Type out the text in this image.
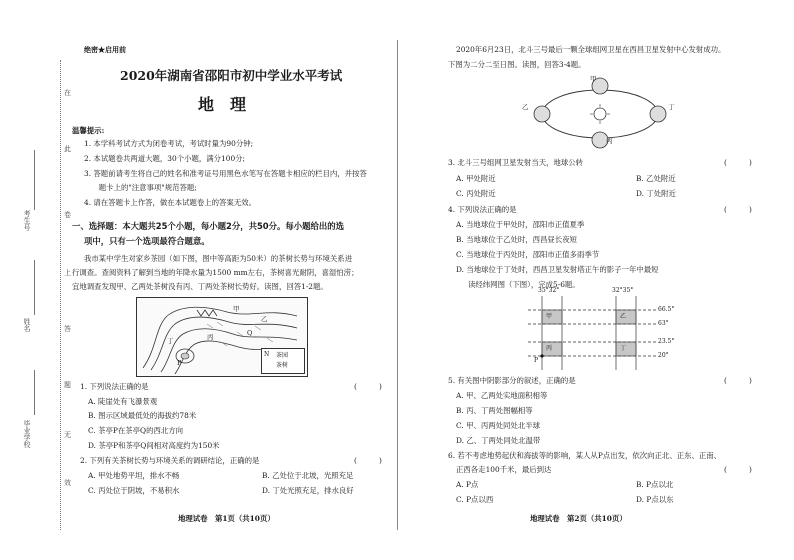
在
此
卷
上
答
题
无
效
考生号
姓名
毕业学校
绝密★启用前
2020年湖南省邵阳市初中学业水平考试
地　理
温馨提示:
1. 本学科考试方式为闭卷考试，考试时量为90分钟;
2. 本试题卷共两道大题，30个小题，满分100分;
3. 答题前请考生将自己的姓名和准考证号用黑色水笔写在答题卡相应的栏目内，并按答
　　题卡上的"注意事项"规范答题;
4. 请在答题卡上作答，做在本试题卷上的答案无效。
一、选择题：本大题共25个小题，每小题2分，共50分。每小题给出的选
项中，只有一个选项最符合题意。
我市某中学生对家乡茶园（如下图，图中等高距为50米）的茶树长势与环境关系进
行调查。查阅资料了解到当地的年降水量为1500 mm左右，茶树喜光耐阴，喜湿怕涝；
宜地调查发现甲、乙两处茶树没有丙、丁两处茶树长势好。读图，回答1-2题。
甲
乙
丙
丁
P
Q
N 茶园
茶树
1. 下列说法正确的是	(　　　)
A. 陡崖处有飞瀑景观
B. 图示区域最低处的海拔约78米
C. 茶亭P在茶亭Q的西北方向
D. 茶亭P和茶亭Q间相对高度约为150米
2. 下列有关茶树长势与环境关系的调研结论，正确的是	(　　　)
A. 甲处地势平坦，排水不畅	B. 乙处位于北坡，光照充足
C. 丙处位于阴坡，不易积水	D. 丁处光照充足，排水良好
地理试卷　第1页（共10页）
2020年6月23日，北斗三号最后一颗全球组网卫星在西昌卫星发射中心发射成功。
下图为二分二至日图。读图，回答3-4题。
甲
乙
丙
丁
3. 北斗三号组网卫星发射当天，地球公转	(　　　)
A. 甲处附近	B. 乙处附近
C. 丙处附近	D. 丁处附近
4. 下列说法正确的是	(　　　)
A. 当地球位于甲处时，邵阳市正值夏季
B. 当地球位于乙处时，西昌昼长夜短
C. 当地球位于丙处时，邵阳市正值多雨季节
D. 当地球位于丁处时，西昌卫星发射塔正午的影子一年中最短
读经纬网图（下图），完成5-6题。
35°32°	32°35°
66.5°
63°
23.5°
20°
P
甲	乙
丙	丁
5. 有关图中阴影部分的叙述，正确的是	(　　　)
A. 甲、乙两处实地面积相等
B. 丙、丁两处图幅相等
C. 甲、丙两处同处北半球
D. 乙、丁两处同处北温带
6. 若不考虑地势起伏和海拔等的影响，某人从P点出发，依次向正北、正东、正南、
正西各走100千米，最后到达	(　　　)
A. P点	B. P点以北
C. P点以西	D. P点以东
地理试卷　第2页（共10页）
